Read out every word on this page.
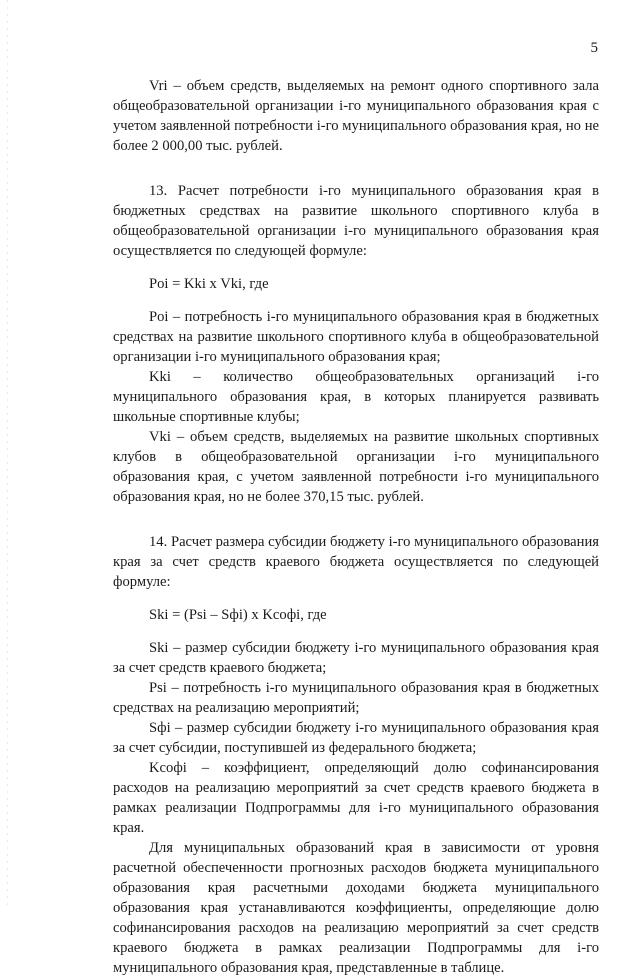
5

Vri – объем средств, выделяемых на ремонт одного спортивного зала общеобразовательной организации i-го муниципального образования края с учетом заявленной потребности i-го муниципального образования края, но не более 2 000,00 тыс. рублей.

13. Расчет потребности i-го муниципального образования края в бюджетных средствах на развитие школьного спортивного клуба в общеобразовательной организации i-го муниципального образования края осуществляется по следующей формуле:

Poi = Kki x Vki, где

Poi – потребность i-го муниципального образования края в бюджетных средствах на развитие школьного спортивного клуба в общеобразовательной организации i-го муниципального образования края;

Kki – количество общеобразовательных организаций i-го муниципального образования края, в которых планируется развивать школьные спортивные клубы;

Vki – объем средств, выделяемых на развитие школьных спортивных клубов в общеобразовательной организации i-го муниципального образования края, с учетом заявленной потребности i-го муниципального образования края, но не более 370,15 тыс. рублей.

14. Расчет размера субсидии бюджету i-го муниципального образования края за счет средств краевого бюджета осуществляется по следующей формуле:

Ski = (Psi – Sфi) x Kсофi, где

Ski – размер субсидии бюджету i-го муниципального образования края за счет средств краевого бюджета;

Psi – потребность i-го муниципального образования края в бюджетных средствах на реализацию мероприятий;

Sфi – размер субсидии бюджету i-го муниципального образования края за счет субсидии, поступившей из федерального бюджета;

Kсофi – коэффициент, определяющий долю софинансирования расходов на реализацию мероприятий за счет средств краевого бюджета в рамках реализации Подпрограммы для i-го муниципального образования края.

Для муниципальных образований края в зависимости от уровня расчетной обеспеченности прогнозных расходов бюджета муниципального образования края расчетными доходами бюджета муниципального образования края устанавливаются коэффициенты, определяющие долю софинансирования расходов на реализацию мероприятий за счет средств краевого бюджета в рамках реализации Подпрограммы для i-го муниципального образования края, представленные в таблице.
